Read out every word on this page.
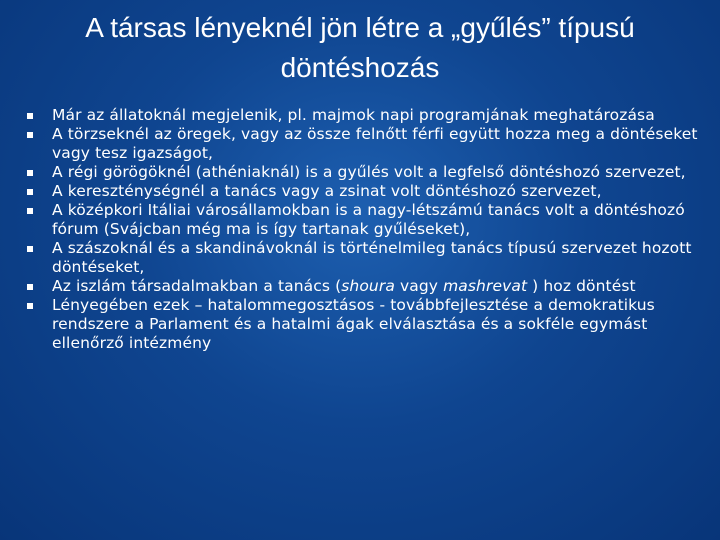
A társas lényeknél jön létre a „gyűlés” típusú döntéshozás
Már az állatoknál megjelenik, pl. majmok napi programjának meghatározása
A törzseknél az öregek, vagy az össze felnőtt férfi együtt hozza meg a döntéseket vagy tesz igazságot,
A régi görögöknél (athéniaknál) is a gyűlés volt a legfelső döntéshozó szervezet,
A kereszténységnél a tanács vagy a zsinat volt döntéshozó szervezet,
A középkori Itáliai városállamokban is a nagy-létszámú tanács volt a döntéshozó fórum (Svájcban még ma is így tartanak gyűléseket),
A szászoknál és a skandinávoknál is történelmileg tanács típusú szervezet hozott döntéseket,
Az iszlám társadalmakban a tanács (shoura vagy mashrevat ) hoz döntést
Lényegében ezek – hatalommegosztásos - továbbfejlesztése a demokratikus rendszere a Parlament és a hatalmi ágak elválasztása és a sokféle egymást ellenőrző intézmény
